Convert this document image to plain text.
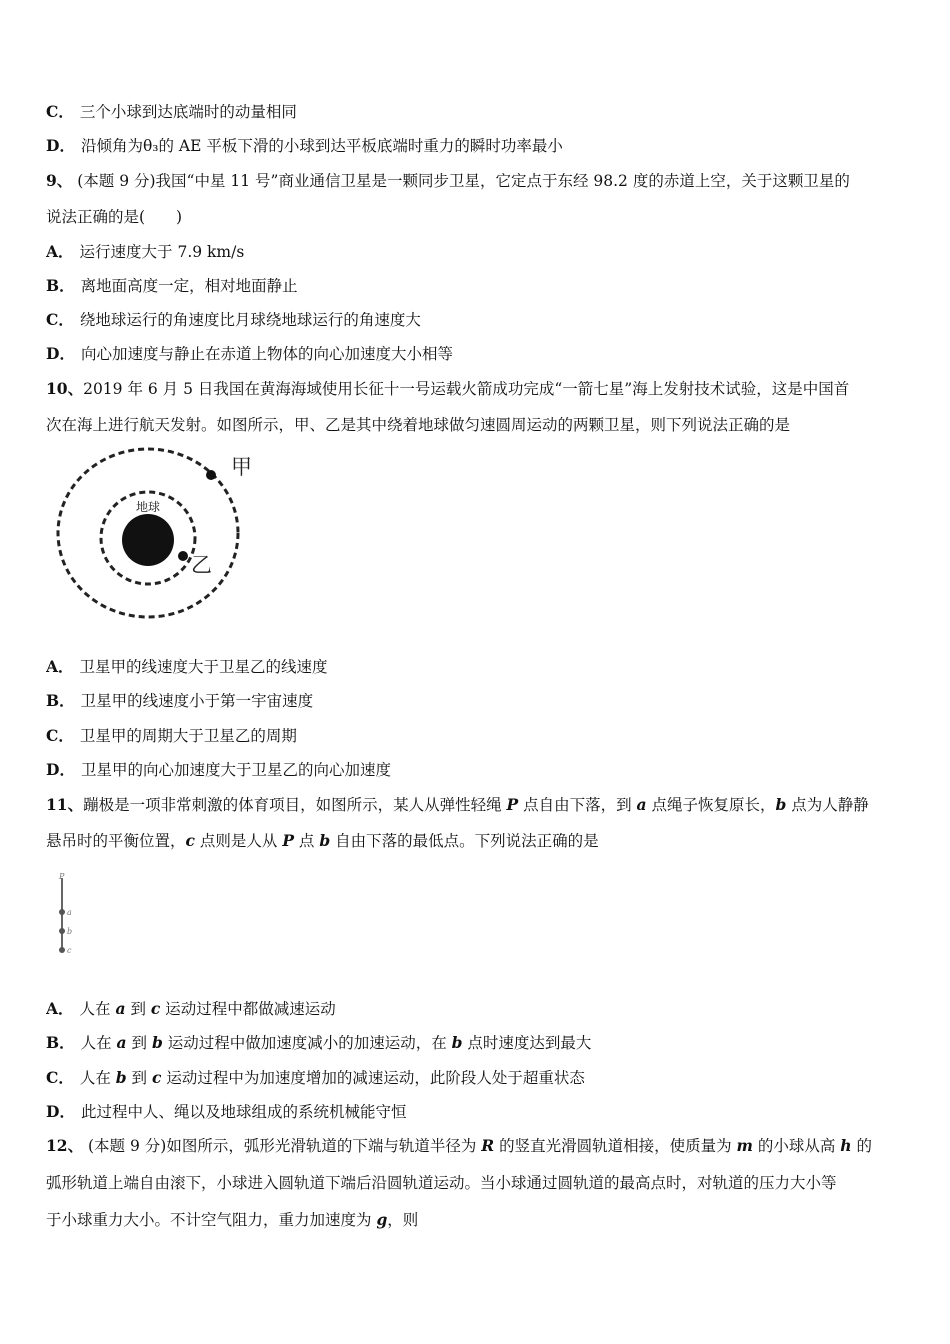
C． 三个小球到达底端时的动量相同
D． 沿倾角为θ₃的 AE 平板下滑的小球到达平板底端时重力的瞬时功率最小
9、 (本题 9 分)我国“中星 11 号”商业通信卫星是一颗同步卫星，它定点于东经 98.2 度的赤道上空，关于这颗卫星的
说法正确的是(　　)
A． 运行速度大于 7.9 km/s
B． 离地面高度一定，相对地面静止
C． 绕地球运行的角速度比月球绕地球运行的角速度大
D． 向心加速度与静止在赤道上物体的向心加速度大小相等
10、2019 年 6 月 5 日我国在黄海海域使用长征十一号运载火箭成功完成“一箭七星”海上发射技术试验，这是中国首
次在海上进行航天发射。如图所示，甲、乙是其中绕着地球做匀速圆周运动的两颗卫星，则下列说法正确的是
地球
甲
乙
A． 卫星甲的线速度大于卫星乙的线速度
B． 卫星甲的线速度小于第一宇宙速度
C． 卫星甲的周期大于卫星乙的周期
D． 卫星甲的向心加速度大于卫星乙的向心加速度
11、蹦极是一项非常刺激的体育项目，如图所示，某人从弹性轻绳 P 点自由下落，到 a 点绳子恢复原长，b 点为人静静
悬吊时的平衡位置，c 点则是人从 P 点 b 自由下落的最低点。下列说法正确的是
P
a
b
c
A． 人在 a 到 c 运动过程中都做减速运动
B． 人在 a 到 b 运动过程中做加速度减小的加速运动，在 b 点时速度达到最大
C． 人在 b 到 c 运动过程中为加速度增加的减速运动，此阶段人处于超重状态
D． 此过程中人、绳以及地球组成的系统机械能守恒
12、 (本题 9 分)如图所示，弧形光滑轨道的下端与轨道半径为 R 的竖直光滑圆轨道相接，使质量为 m 的小球从高 h 的
弧形轨道上端自由滚下，小球进入圆轨道下端后沿圆轨道运动。当小球通过圆轨道的最高点时，对轨道的压力大小等
于小球重力大小。不计空气阻力，重力加速度为 g，则
